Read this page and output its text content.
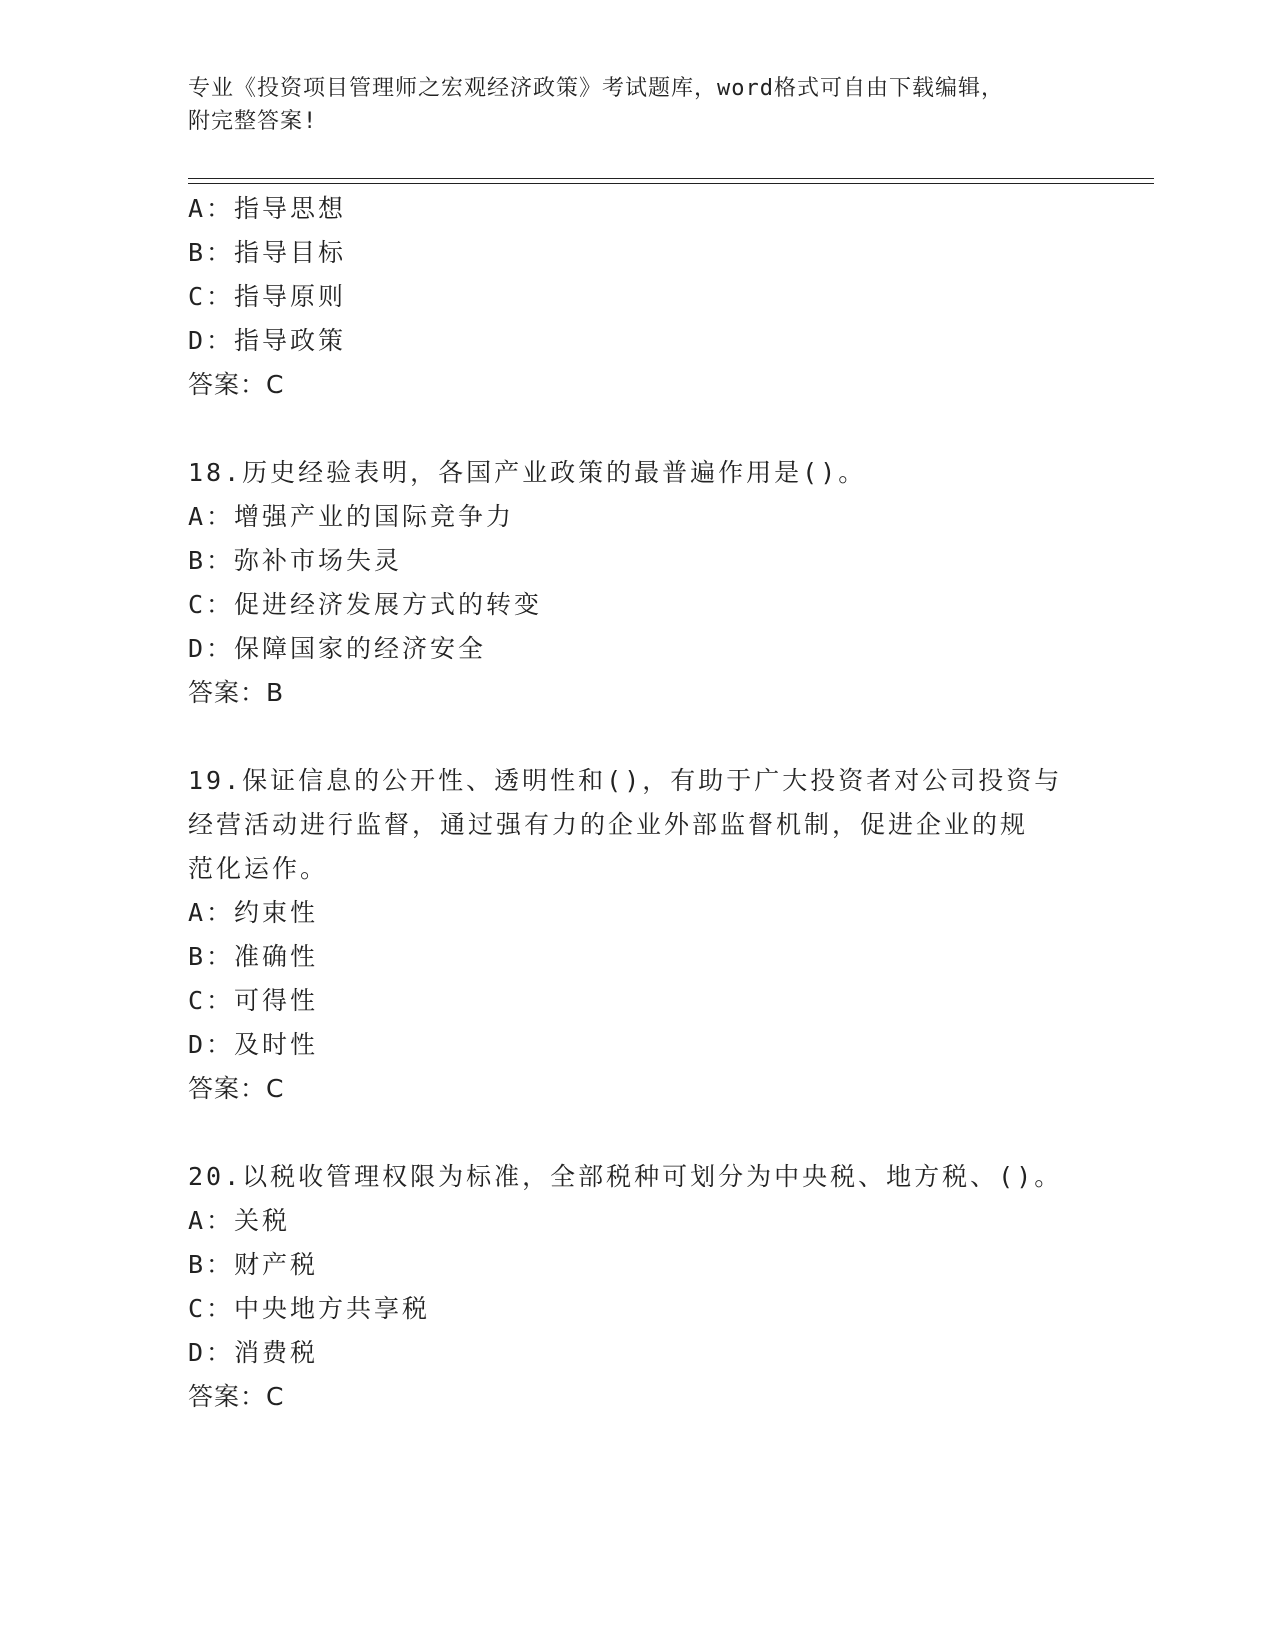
专业《投资项目管理师之宏观经济政策》考试题库，word格式可自由下载编辑，
附完整答案!
A：指导思想
B：指导目标
C：指导原则
D：指导政策
答案：C
18.历史经验表明，各国产业政策的最普遍作用是()。
A：增强产业的国际竞争力
B：弥补市场失灵
C：促进经济发展方式的转变
D：保障国家的经济安全
答案：B
19.保证信息的公开性、透明性和()，有助于广大投资者对公司投资与
经营活动进行监督，通过强有力的企业外部监督机制，促进企业的规
范化运作。
A：约束性
B：准确性
C：可得性
D：及时性
答案：C
20.以税收管理权限为标准，全部税种可划分为中央税、地方税、()。
A：关税
B：财产税
C：中央地方共享税
D：消费税
答案：C
